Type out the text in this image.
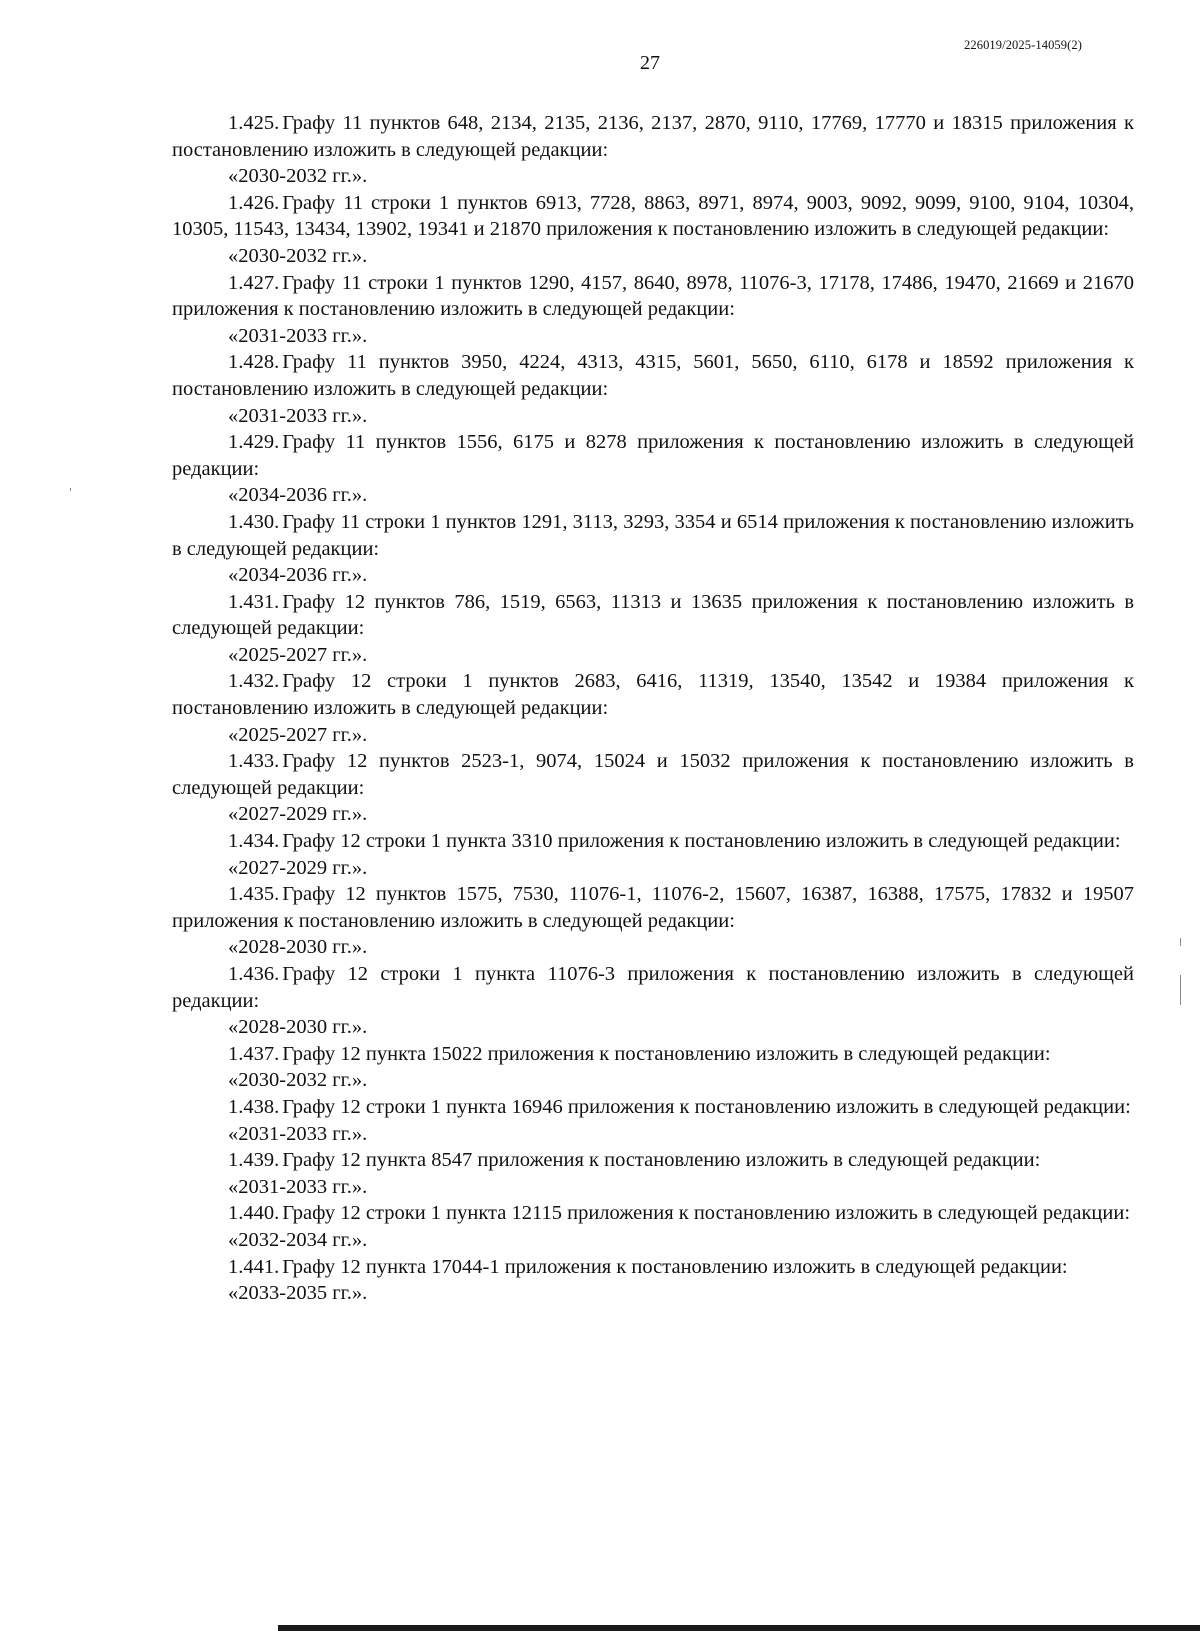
226019/2025-14059(2)
27

1.425. Графу 11 пунктов 648, 2134, 2135, 2136, 2137, 2870, 9110, 17769, 17770 и 18315 приложения к постановлению изложить в следующей редакции:

«2030-2032 гг.».

1.426. Графу 11 строки 1 пунктов 6913, 7728, 8863, 8971, 8974, 9003, 9092, 9099, 9100, 9104, 10304, 10305, 11543, 13434, 13902, 19341 и 21870 приложения к постановлению изложить в следующей редакции:

«2030-2032 гг.».

1.427. Графу 11 строки 1 пунктов 1290, 4157, 8640, 8978, 11076-3, 17178, 17486, 19470, 21669 и 21670 приложения к постановлению изложить в следующей редакции:

«2031-2033 гг.».

1.428. Графу 11 пунктов 3950, 4224, 4313, 4315, 5601, 5650, 6110, 6178 и 18592 приложения к постановлению изложить в следующей редакции:

«2031-2033 гг.».

1.429. Графу 11 пунктов 1556, 6175 и 8278 приложения к постановлению изложить в следующей редакции:

«2034-2036 гг.».

1.430. Графу 11 строки 1 пунктов 1291, 3113, 3293, 3354 и 6514 приложения к постановлению изложить в следующей редакции:

«2034-2036 гг.».

1.431. Графу 12 пунктов 786, 1519, 6563, 11313 и 13635 приложения к постановлению изложить в следующей редакции:

«2025-2027 гг.».

1.432. Графу 12 строки 1 пунктов 2683, 6416, 11319, 13540, 13542 и 19384 приложения к постановлению изложить в следующей редакции:

«2025-2027 гг.».

1.433. Графу 12 пунктов 2523-1, 9074, 15024 и 15032 приложения к постановлению изложить в следующей редакции:

«2027-2029 гг.».

1.434. Графу 12 строки 1 пункта 3310 приложения к постановлению изложить в следующей редакции:

«2027-2029 гг.».

1.435. Графу 12 пунктов 1575, 7530, 11076-1, 11076-2, 15607, 16387, 16388, 17575, 17832 и 19507 приложения к постановлению изложить в следующей редакции:

«2028-2030 гг.».

1.436. Графу 12 строки 1 пункта 11076-3 приложения к постановлению изложить в следующей редакции:

«2028-2030 гг.».

1.437. Графу 12 пункта 15022 приложения к постановлению изложить в следующей редакции:

«2030-2032 гг.».

1.438. Графу 12 строки 1 пункта 16946 приложения к постановлению изложить в следующей редакции:

«2031-2033 гг.».

1.439. Графу 12 пункта 8547 приложения к постановлению изложить в следующей редакции:

«2031-2033 гг.».

1.440. Графу 12 строки 1 пункта 12115 приложения к постановлению изложить в следующей редакции:

«2032-2034 гг.».

1.441. Графу 12 пункта 17044-1 приложения к постановлению изложить в следующей редакции:

«2033-2035 гг.».
